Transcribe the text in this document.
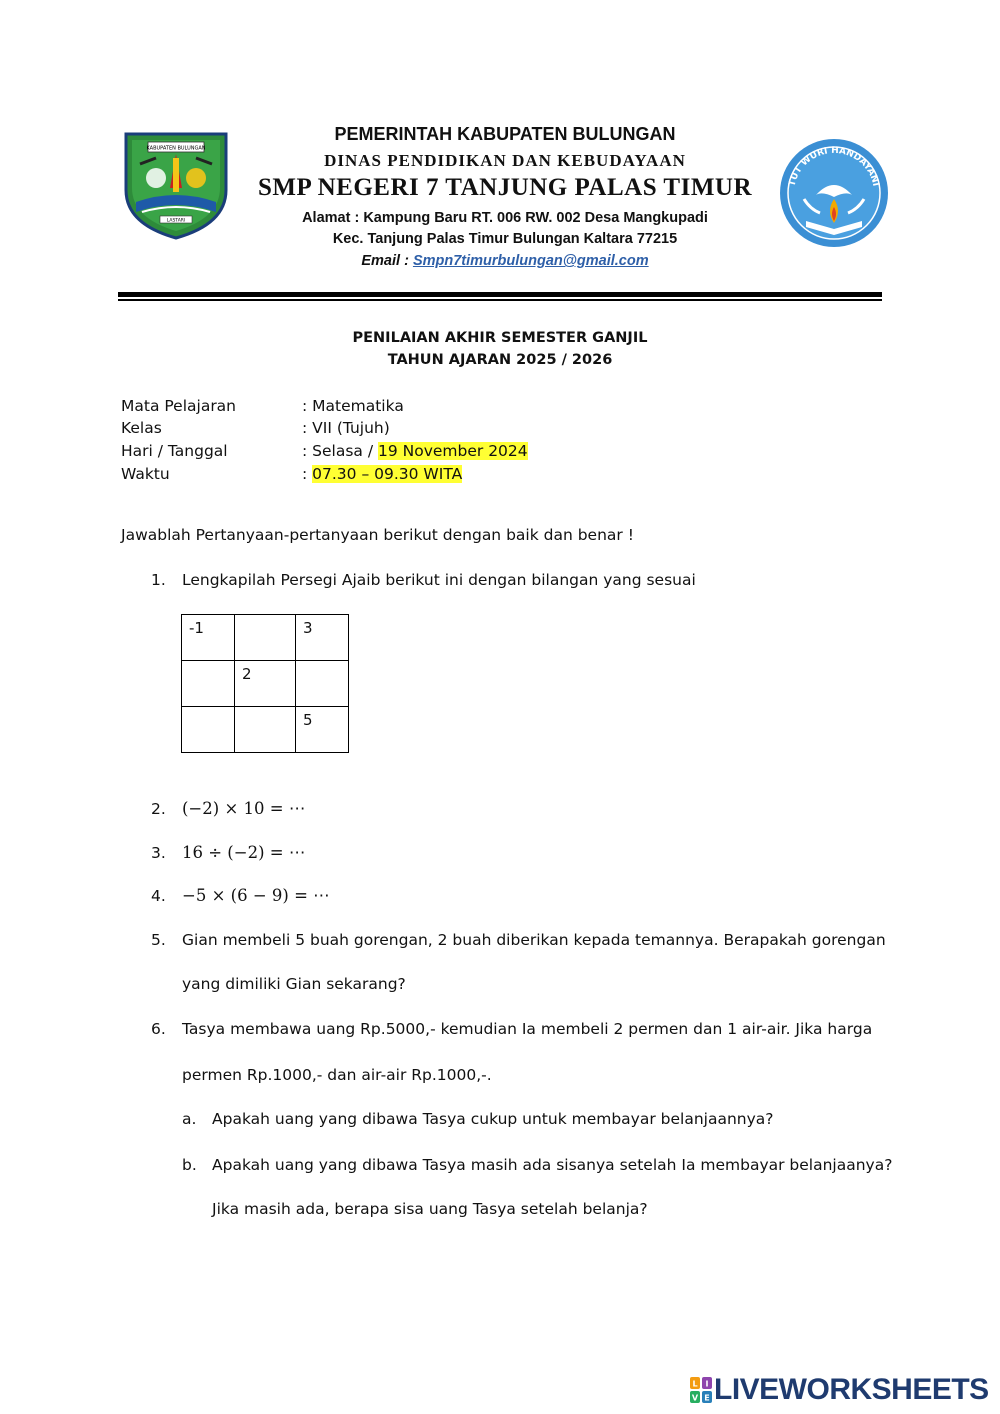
KABUPATEN BULUNGAN
LASTARI
TUT WURI HANDAYANI
PEMERINTAH KABUPATEN BULUNGAN
DINAS PENDIDIKAN DAN KEBUDAYAAN
SMP NEGERI 7 TANJUNG PALAS TIMUR
Alamat : Kampung Baru RT. 006 RW. 002 Desa Mangkupadi
Kec. Tanjung Palas Timur Bulungan Kaltara 77215
Email : Smpn7timurbulungan@gmail.com
PENILAIAN AKHIR SEMESTER GANJIL
TAHUN AJARAN 2025 / 2026
Mata Pelajaran	: Matematika
Kelas	: VII (Tujuh)
Hari / Tanggal	: Selasa / 19 November 2024
Waktu	: 07.30 – 09.30 WITA
Jawablah Pertanyaan-pertanyaan berikut dengan baik dan benar !
1. Lengkapilah Persegi Ajaib berikut ini dengan bilangan yang sesuai
-1		3
	2	
		5
2. (−2) × 10 = ⋯
3. 16 ÷ (−2) = ⋯
4. −5 × (6 − 9) = ⋯
5. Gian membeli 5 buah gorengan, 2 buah diberikan kepada temannya. Berapakah gorengan
yang dimiliki Gian sekarang?
6. Tasya membawa uang Rp.5000,- kemudian Ia membeli 2 permen dan 1 air-air. Jika harga
permen Rp.1000,- dan air-air Rp.1000,-.
a. Apakah uang yang dibawa Tasya cukup untuk membayar belanjaannya?
b. Apakah uang yang dibawa Tasya masih ada sisanya setelah Ia membayar belanjaanya?
Jika masih ada, berapa sisa uang Tasya setelah belanja?
L I
V E LIVEWORKSHEETS
